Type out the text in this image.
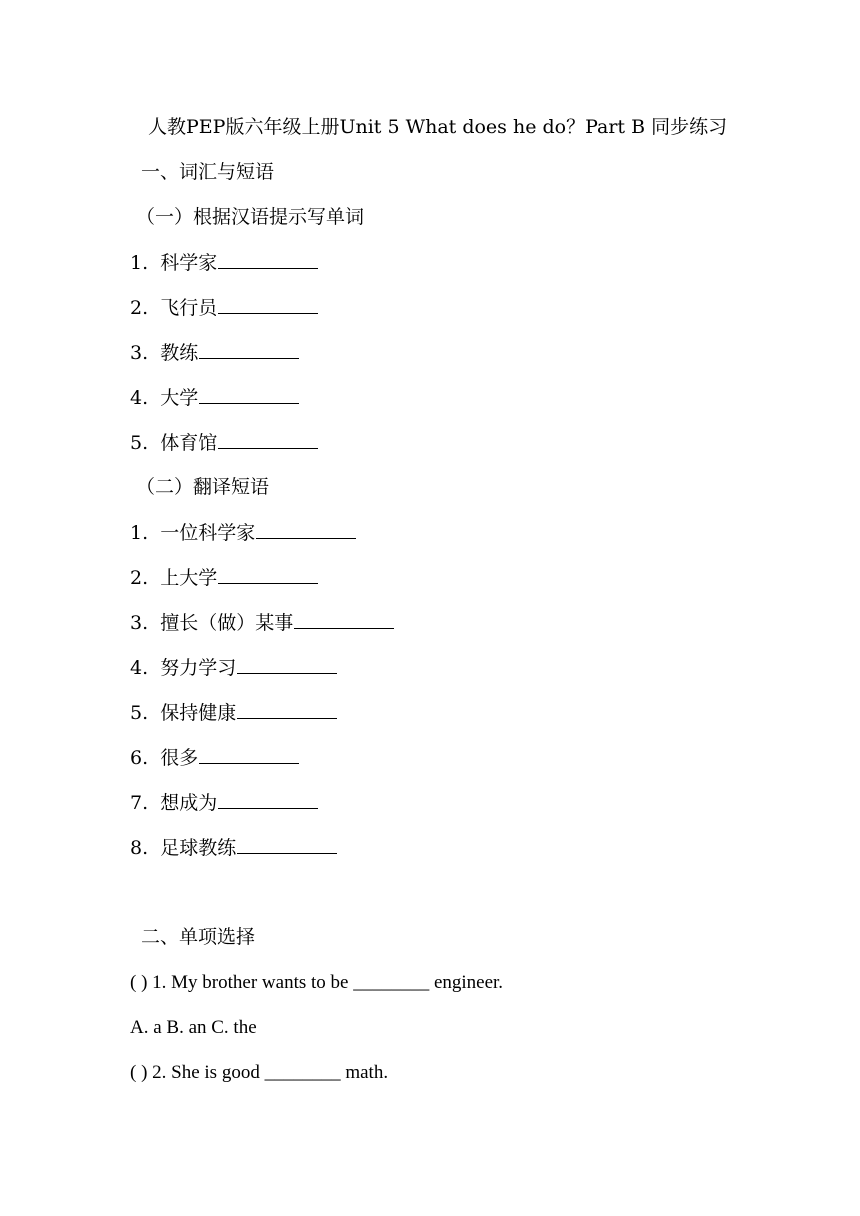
人教PEP版六年级上册Unit 5 What does he do？Part B 同步练习
一、词汇与短语
（一）根据汉语提示写单词
1.  科学家
2.  飞行员
3.  教练
4.  大学
5.  体育馆
（二）翻译短语
1.  一位科学家
2.  上大学
3.  擅长（做）某事
4.  努力学习
5.  保持健康
6.  很多
7.  想成为
8.  足球教练
二、单项选择
( ) 1. My brother wants to be ________ engineer.
A. a B. an C. the
( ) 2. She is good ________ math.
